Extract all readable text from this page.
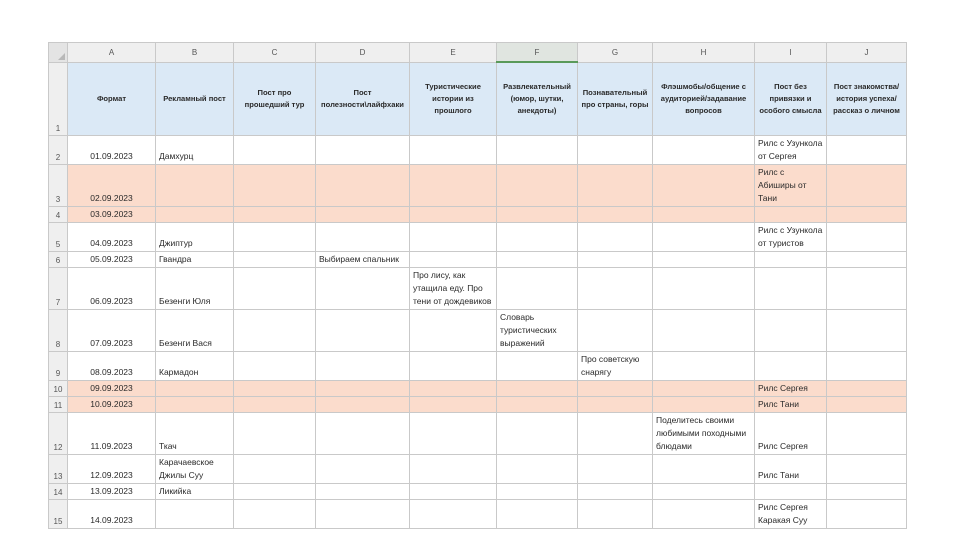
	A	B	C	D	E	F	G	H	I	J
1	Формат	Рекламный пост	Пост про прошедший тур	Пост полезности\лайфхаки	Туристические истории из прошлого	Развлекательный (юмор, шутки, анекдоты)	Познавательный про страны, горы	Флэшмобы/общение с аудиторией/задавание вопросов	Пост без привязки и особого смысла	Пост знакомства/история успеха/рассказ о личном
2	01.09.2023	Дамхурц							Рилс с Узункола от Сергея	
3	02.09.2023								Рилс с Абиширы от Тани	
4	03.09.2023									
5	04.09.2023	Джиптур							Рилс с Узункола от туристов	
6	05.09.2023	Гвандра		Выбираем спальник						
7	06.09.2023	Безенги Юля			Про лису, как утащила еду. Про тени от дождевиков					
8	07.09.2023	Безенги Вася				Словарь туристических выражений				
9	08.09.2023	Кармадон					Про советскую снарягу			
10	09.09.2023								Рилс Сергея	
11	10.09.2023								Рилс Тани	
12	11.09.2023	Ткач						Поделитесь своими любимыми походными блюдами	Рилс Сергея	
13	12.09.2023	Карачаевское Джилы Суу							Рилс Тани	
14	13.09.2023	Ликийка								
15	14.09.2023								Рилс Сергея Каракая Суу	
